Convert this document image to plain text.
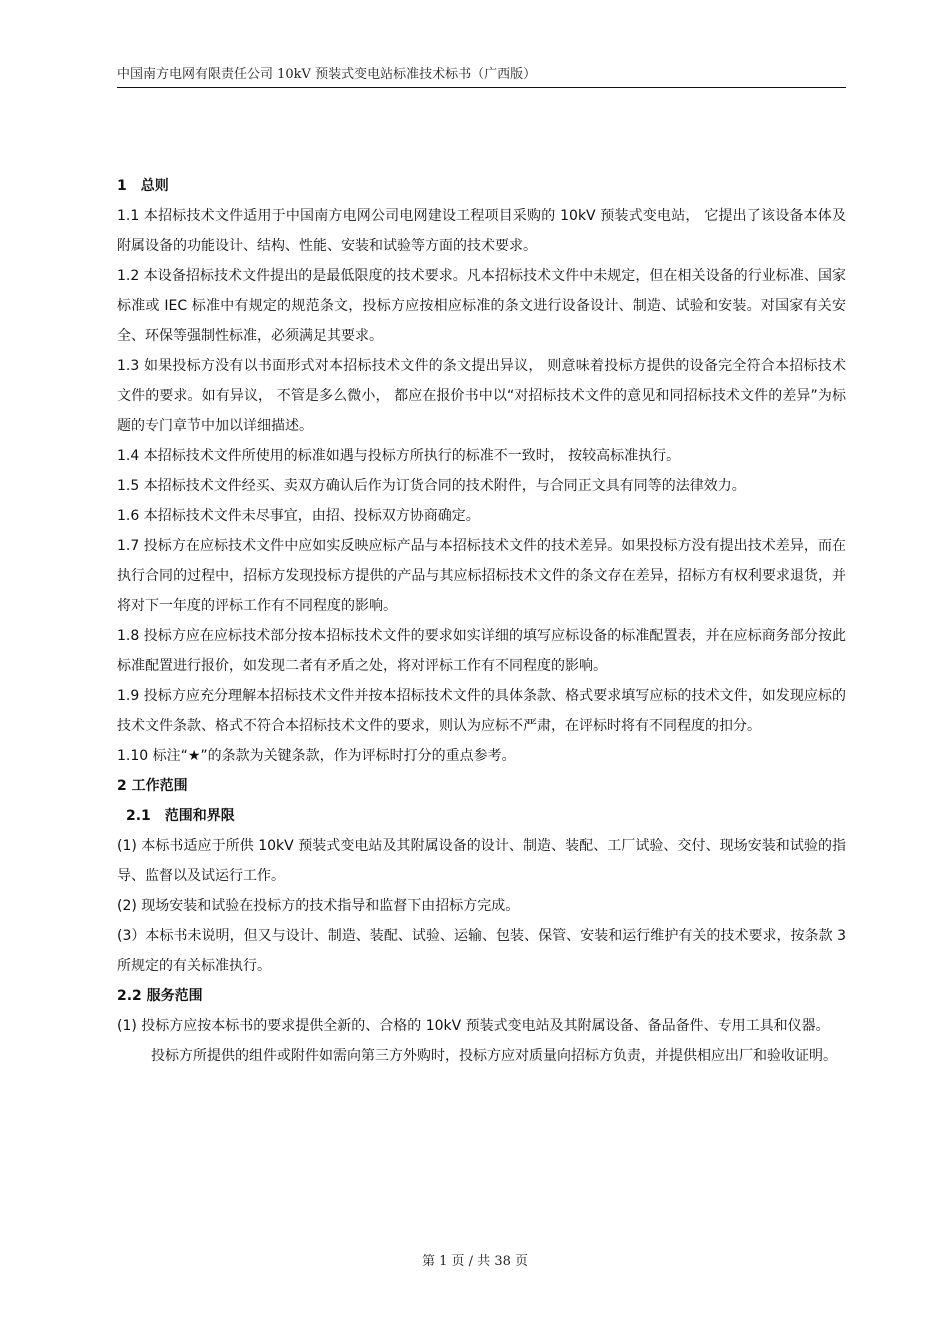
中国南方电网有限责任公司 10kV 预装式变电站标准技术标书（广西版）

1　总则

1.1 本招标技术文件适用于中国南方电网公司电网建设工程项目采购的 10kV 预装式变电站， 它提出了该设备本体及附属设备的功能设计、结构、性能、安装和试验等方面的技术要求。

1.2 本设备招标技术文件提出的是最低限度的技术要求。凡本招标技术文件中未规定，但在相关设备的行业标准、国家标准或 IEC 标准中有规定的规范条文，投标方应按相应标准的条文进行设备设计、制造、试验和安装。对国家有关安全、环保等强制性标准，必须满足其要求。

1.3 如果投标方没有以书面形式对本招标技术文件的条文提出异议， 则意味着投标方提供的设备完全符合本招标技术文件的要求。如有异议， 不管是多么微小， 都应在报价书中以“对招标技术文件的意见和同招标技术文件的差异”为标题的专门章节中加以详细描述。

1.4 本招标技术文件所使用的标准如遇与投标方所执行的标准不一致时， 按较高标准执行。

1.5 本招标技术文件经买、卖双方确认后作为订货合同的技术附件，与合同正文具有同等的法律效力。

1.6 本招标技术文件未尽事宜，由招、投标双方协商确定。

1.7 投标方在应标技术文件中应如实反映应标产品与本招标技术文件的技术差异。如果投标方没有提出技术差异，而在执行合同的过程中，招标方发现投标方提供的产品与其应标招标技术文件的条文存在差异，招标方有权利要求退货，并将对下一年度的评标工作有不同程度的影响。

1.8 投标方应在应标技术部分按本招标技术文件的要求如实详细的填写应标设备的标准配置表，并在应标商务部分按此标准配置进行报价，如发现二者有矛盾之处，将对评标工作有不同程度的影响。

1.9 投标方应充分理解本招标技术文件并按本招标技术文件的具体条款、格式要求填写应标的技术文件，如发现应标的技术文件条款、格式不符合本招标技术文件的要求，则认为应标不严肃，在评标时将有不同程度的扣分。

1.10 标注“★”的条款为关键条款，作为评标时打分的重点参考。

2 工作范围

2.1　范围和界限

(1) 本标书适应于所供 10kV 预装式变电站及其附属设备的设计、制造、装配、工厂试验、交付、现场安装和试验的指导、监督以及试运行工作。

(2) 现场安装和试验在投标方的技术指导和监督下由招标方完成。

(3）本标书未说明，但又与设计、制造、装配、试验、运输、包装、保管、安装和运行维护有关的技术要求，按条款 3 所规定的有关标准执行。

2.2 服务范围

(1) 投标方应按本标书的要求提供全新的、合格的 10kV 预装式变电站及其附属设备、备品备件、专用工具和仪器。

投标方所提供的组件或附件如需向第三方外购时，投标方应对质量向招标方负责，并提供相应出厂和验收证明。

第 1 页 / 共 38 页
